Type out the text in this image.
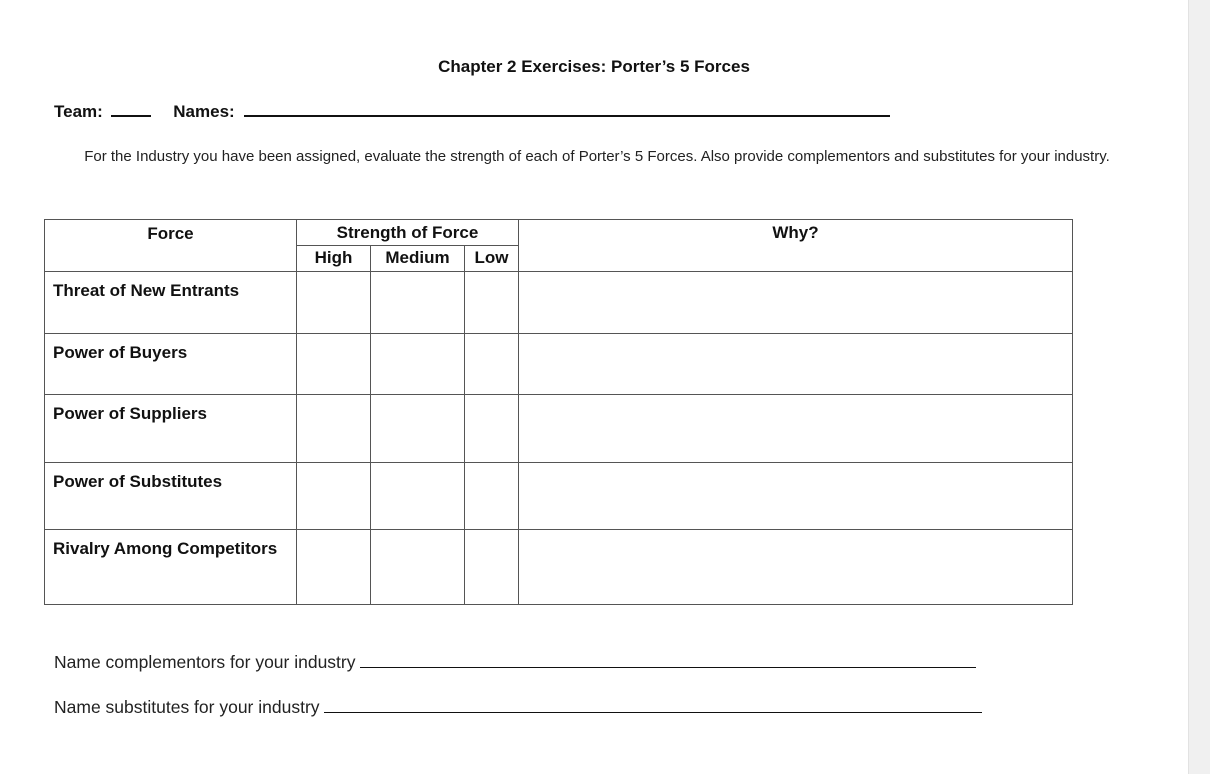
Chapter 2 Exercises: Porter’s 5 Forces
Team:	Names:
For the Industry you have been assigned, evaluate the strength of each of Porter’s 5 Forces. Also provide complementors and substitutes for your industry.
Force	Strength of Force			Why?
	High	Medium	Low	
Threat of New Entrants				
Power of Buyers				
Power of Suppliers				
Power of Substitutes				
Rivalry Among Competitors				
Name complementors for your industry
Name substitutes for your industry
